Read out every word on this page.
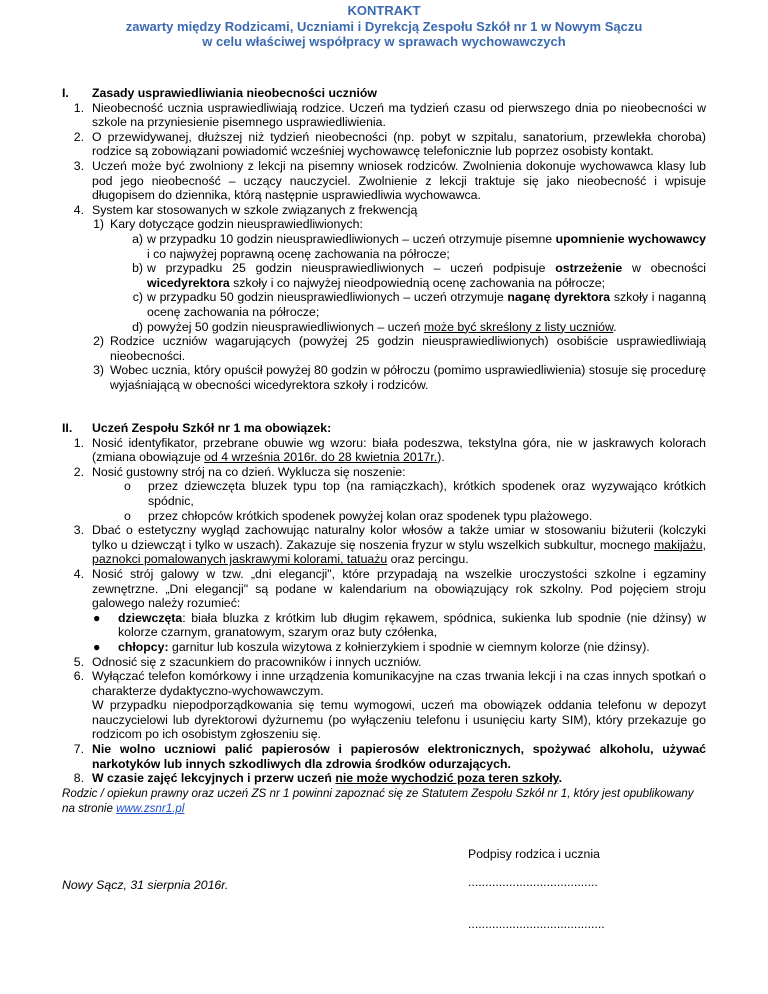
KONTRAKT
zawarty między Rodzicami, Uczniami i Dyrekcją Zespołu Szkół nr 1 w Nowym Sączu
w celu właściwej współpracy w sprawach wychowawczych
I. Zasady usprawiedliwiania nieobecności uczniów
1. Nieobecność ucznia usprawiedliwiają rodzice. Uczeń ma tydzień czasu od pierwszego dnia po nieobecności w szkole na przyniesienie pisemnego usprawiedliwienia.
2. O przewidywanej, dłuższej niż tydzień nieobecności (np. pobyt w szpitalu, sanatorium, przewlekła choroba) rodzice są zobowiązani powiadomić wcześniej wychowawcę telefonicznie lub poprzez osobisty kontakt.
3. Uczeń może być zwolniony z lekcji na pisemny wniosek rodziców. Zwolnienia dokonuje wychowawca klasy lub pod jego nieobecność – uczący nauczyciel. Zwolnienie z lekcji traktuje się jako nieobecność i wpisuje długopisem do dziennika, którą następnie usprawiedliwia wychowawca.
4. System kar stosowanych w szkole związanych z frekwencją
1) Kary dotyczące godzin nieusprawiedliwionych:
a) w przypadku 10 godzin nieusprawiedliwionych – uczeń otrzymuje pisemne upomnienie wychowawcy i co najwyżej poprawną ocenę zachowania na półrocze;
b) w przypadku 25 godzin nieusprawiedliwionych – uczeń podpisuje ostrzeżenie w obecności wicedyrektora szkoły i co najwyżej nieodpowiednią ocenę zachowania na półrocze;
c) w przypadku 50 godzin nieusprawiedliwionych – uczeń otrzymuje naganę dyrektora szkoły i naganną ocenę zachowania na półrocze;
d) powyżej 50 godzin nieusprawiedliwionych – uczeń może być skreślony z listy uczniów.
2) Rodzice uczniów wagarujących (powyżej 25 godzin nieusprawiedliwionych) osobiście usprawiedliwiają nieobecności.
3) Wobec ucznia, który opuścił powyżej 80 godzin w półroczu (pomimo usprawiedliwienia) stosuje się procedurę wyjaśniającą w obecności wicedyrektora szkoły i rodziców.
II. Uczeń Zespołu Szkół nr 1 ma obowiązek:
1. Nosić identyfikator, przebrane obuwie wg wzoru: biała podeszwa, tekstylna góra, nie w jaskrawych kolorach (zmiana obowiązuje od 4 września 2016r. do 28 kwietnia 2017r.).
2. Nosić gustowny strój na co dzień. Wyklucza się noszenie:
o przez dziewczęta bluzek typu top (na ramiączkach), krótkich spodenek oraz wyzywająco krótkich spódnic,
o przez chłopców krótkich spodenek powyżej kolan oraz spodenek typu plażowego.
3. Dbać o estetyczny wygląd zachowując naturalny kolor włosów a także umiar w stosowaniu biżuterii (kolczyki tylko u dziewcząt i tylko w uszach). Zakazuje się noszenia fryzur w stylu wszelkich subkultur, mocnego makijażu, paznokci pomalowanych jaskrawymi kolorami, tatuażu oraz percingu.
4. Nosić strój galowy w tzw. „dni elegancji", które przypadają na wszelkie uroczystości szkolne i egzaminy zewnętrzne. „Dni elegancji" są podane w kalendarium na obowiązujący rok szkolny. Pod pojęciem stroju galowego należy rozumieć:
● dziewczęta: biała bluzka z krótkim lub długim rękawem, spódnica, sukienka lub spodnie (nie dżinsy) w kolorze czarnym, granatowym, szarym oraz buty czółenka,
● chłopcy: garnitur lub koszula wizytowa z kołnierzykiem i spodnie w ciemnym kolorze (nie dżinsy).
5. Odnosić się z szacunkiem do pracowników i innych uczniów.
6. Wyłączać telefon komórkowy i inne urządzenia komunikacyjne na czas trwania lekcji i na czas innych spotkań o charakterze dydaktyczno-wychowawczym.
W przypadku niepodporządkowania się temu wymogowi, uczeń ma obowiązek oddania telefonu w depozyt nauczycielowi lub dyrektorowi dyżurnemu (po wyłączeniu telefonu i usunięciu karty SIM), który przekazuje go rodzicom po ich osobistym zgłoszeniu się.
7. Nie wolno uczniowi palić papierosów i papierosów elektronicznych, spożywać alkoholu, używać narkotyków lub innych szkodliwych dla zdrowia środków odurzających.
8. W czasie zajęć lekcyjnych i przerw uczeń nie może wychodzić poza teren szkoły.
Rodzic / opiekun prawny oraz uczeń ZS nr 1 powinni zapoznać się ze Statutem Zespołu Szkół nr 1, który jest opublikowany na stronie www.zsnr1.pl
Podpisy rodzica i ucznia
Nowy Sącz, 31 sierpnia 2016r.	......................................
........................................
